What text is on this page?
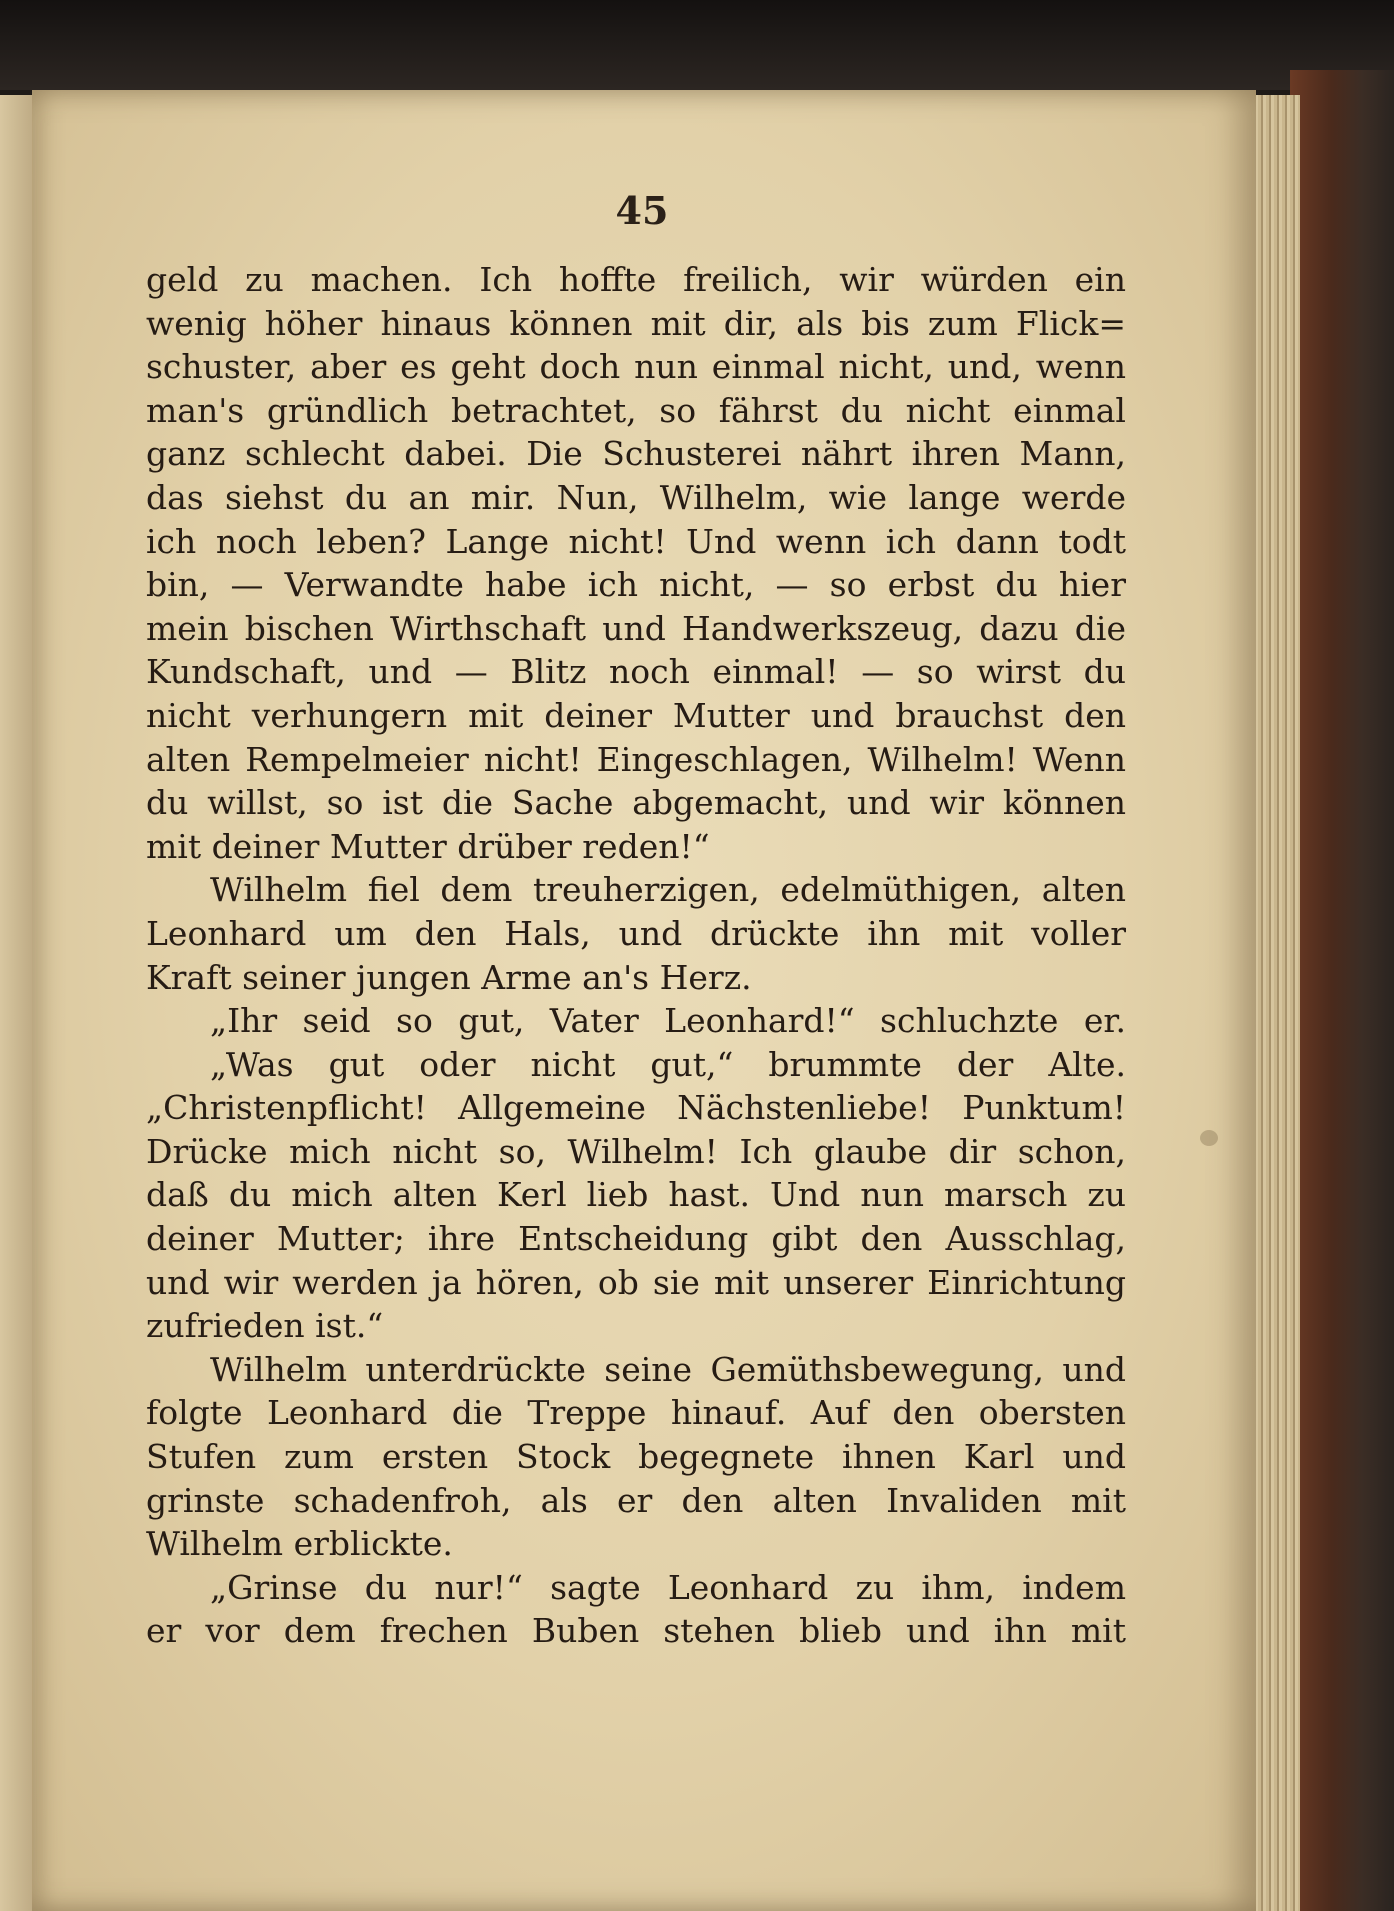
45
geld zu machen. Ich hoffte freilich, wir würden ein
wenig höher hinaus können mit dir, als bis zum Flick=
schuster, aber es geht doch nun einmal nicht, und, wenn
man's gründlich betrachtet, so fährst du nicht einmal
ganz schlecht dabei. Die Schusterei nährt ihren Mann,
das siehst du an mir. Nun, Wilhelm, wie lange werde
ich noch leben? Lange nicht! Und wenn ich dann todt
bin, — Verwandte habe ich nicht, — so erbst du hier
mein bischen Wirthschaft und Handwerkszeug, dazu die
Kundschaft, und — Blitz noch einmal! — so wirst du
nicht verhungern mit deiner Mutter und brauchst den
alten Rempelmeier nicht! Eingeschlagen, Wilhelm! Wenn
du willst, so ist die Sache abgemacht, und wir können
mit deiner Mutter drüber reden!“
Wilhelm fiel dem treuherzigen, edelmüthigen, alten
Leonhard um den Hals, und drückte ihn mit voller
Kraft seiner jungen Arme an's Herz.
„Ihr seid so gut, Vater Leonhard!“ schluchzte er.
„Was gut oder nicht gut,“ brummte der Alte.
„Christenpflicht! Allgemeine Nächstenliebe! Punktum!
Drücke mich nicht so, Wilhelm! Ich glaube dir schon,
daß du mich alten Kerl lieb hast. Und nun marsch zu
deiner Mutter; ihre Entscheidung gibt den Ausschlag,
und wir werden ja hören, ob sie mit unserer Einrichtung
zufrieden ist.“
Wilhelm unterdrückte seine Gemüthsbewegung, und
folgte Leonhard die Treppe hinauf. Auf den obersten
Stufen zum ersten Stock begegnete ihnen Karl und
grinste schadenfroh, als er den alten Invaliden mit
Wilhelm erblickte.
„Grinse du nur!“ sagte Leonhard zu ihm, indem
er vor dem frechen Buben stehen blieb und ihn mit
